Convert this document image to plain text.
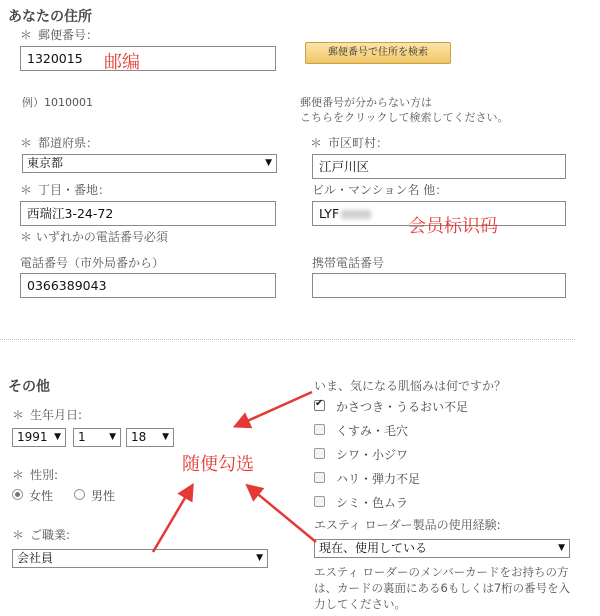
あなたの住所
＊ 郵便番号：
1320015	邮编	郵便番号で住所を検索
例）1010001	郵便番号が分からない方は
こちらをクリックして検索してください。
＊ 都道府県：
東京都	▼
＊ 市区町村：
江戸川区
＊ 丁目・番地：
西瑞江3-24-72
ビル・マンション名 他：
LYF
会员标识码
＊ いずれかの電話番号必須
電話番号（市外局番から）
0366389043
携帯電話番号
その他
＊ 生年月日:
1991 ▼	1	▼	18 ▼
＊ 性別:
女性	男性
＊ ご職業:
会社員	▼
随便勾选
いま、気になる肌悩みは何ですか？
✔
かさつき・うるおい不足
くすみ・毛穴
シワ・小ジワ
ハリ・弾力不足
シミ・色ムラ
エスティ ローダー製品の使用経験:
現在、使用している	▼
エスティ ローダーのメンバーカードをお持ちの方
は、カードの裏面にある6もしくは7桁の番号を入
力してください。
